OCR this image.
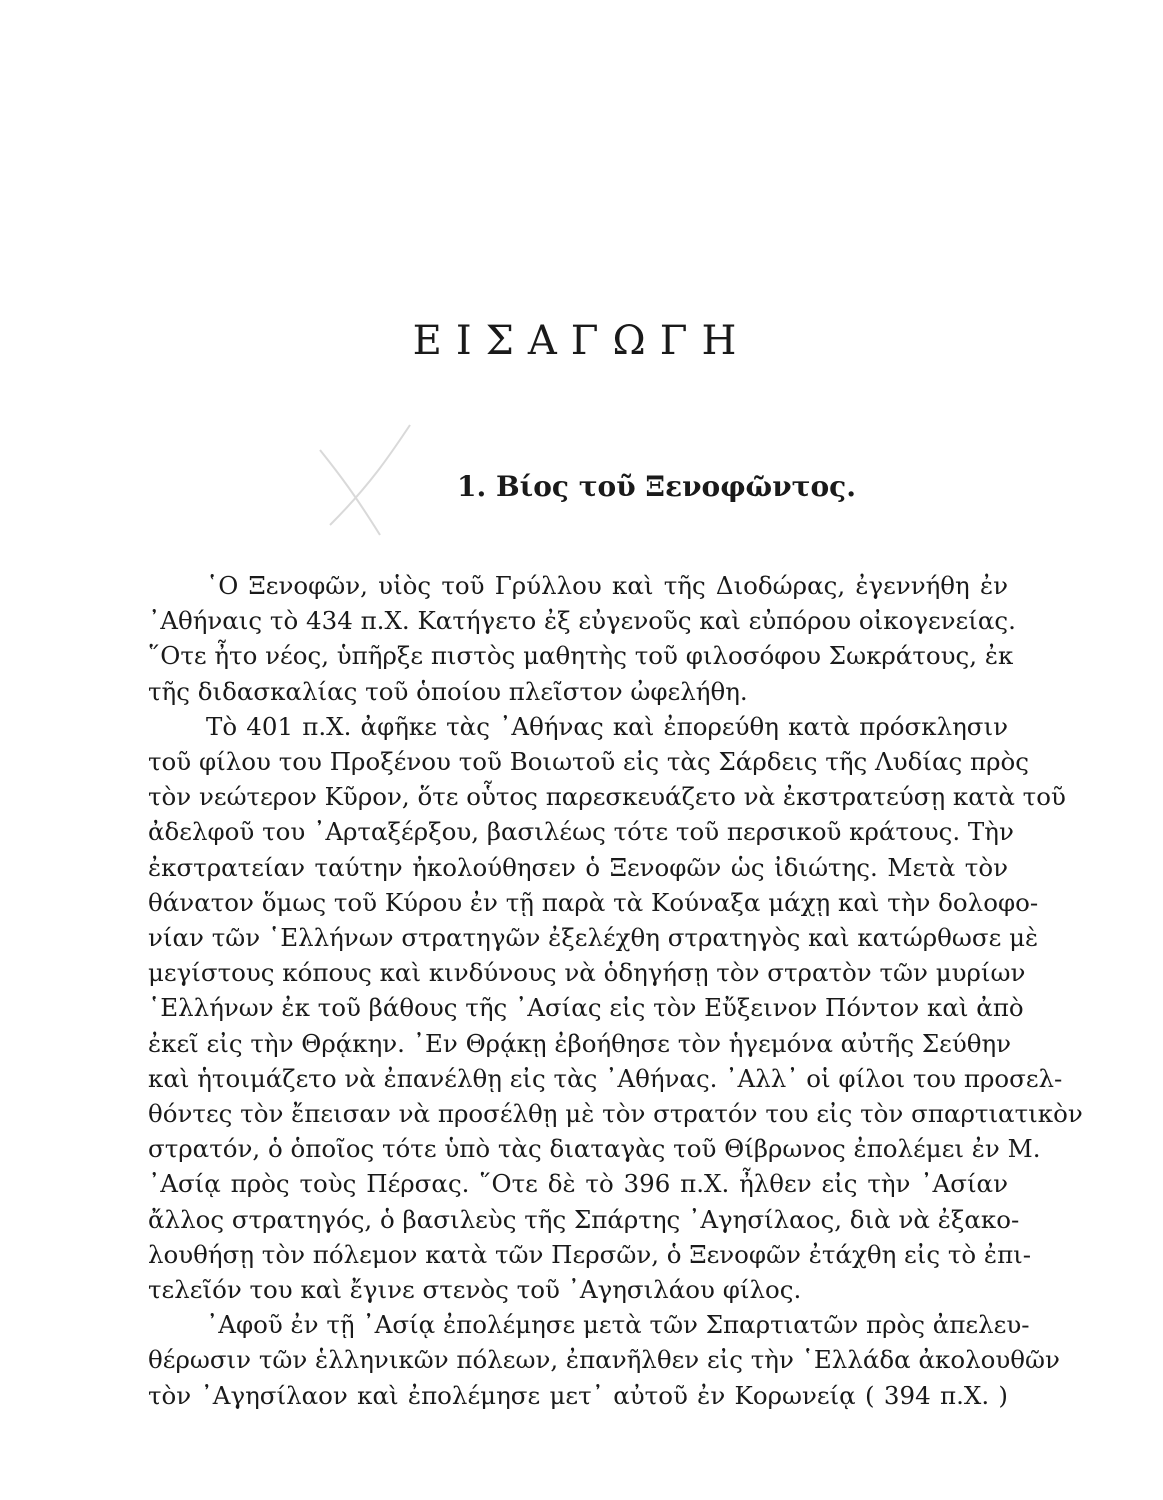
ΕΙΣΑΓΩΓΗ
1. Βίος τοῦ Ξενοφῶντος.
῾Ο Ξενοφῶν, υἱὸς τοῦ Γρύλλου καὶ τῆς Διοδώρας, ἐγεννήθη ἐν
᾿Αθήναις τὸ 434 π.Χ. Κατήγετο ἐξ εὐγενοῦς καὶ εὐπόρου οἰκογενείας.
῞Οτε ἦτο νέος, ὑπῆρξε πιστὸς μαθητὴς τοῦ φιλοσόφου Σωκράτους, ἐκ
τῆς διδασκαλίας τοῦ ὁποίου πλεῖστον ὠφελήθη.
Τὸ 401 π.Χ. ἀφῆκε τὰς ᾿Αθήνας καὶ ἐπορεύθη κατὰ πρόσκλησιν
τοῦ φίλου του Προξένου τοῦ Βοιωτοῦ εἰς τὰς Σάρδεις τῆς Λυδίας πρὸς
τὸν νεώτερον Κῦρον, ὅτε οὗτος παρεσκευάζετο νὰ ἐκστρατεύσῃ κατὰ τοῦ
ἀδελφοῦ του ᾿Αρταξέρξου, βασιλέως τότε τοῦ περσικοῦ κράτους. Τὴν
ἐκστρατείαν ταύτην ἠκολούθησεν ὁ Ξενοφῶν ὡς ἰδιώτης. Μετὰ τὸν
θάνατον ὅμως τοῦ Κύρου ἐν τῇ παρὰ τὰ Κούναξα μάχῃ καὶ τὴν δολοφο-
νίαν τῶν ῾Ελλήνων στρατηγῶν ἐξελέχθη στρατηγὸς καὶ κατώρθωσε μὲ
μεγίστους κόπους καὶ κινδύνους νὰ ὁδηγήσῃ τὸν στρατὸν τῶν μυρίων
῾Ελλήνων ἐκ τοῦ βάθους τῆς ᾿Ασίας εἰς τὸν Εὔξεινον Πόντον καὶ ἀπὸ
ἐκεῖ εἰς τὴν Θρᾴκην. ᾿Εν Θρᾴκῃ ἐβοήθησε τὸν ἡγεμόνα αὐτῆς Σεύθην
καὶ ἡτοιμάζετο νὰ ἐπανέλθῃ εἰς τὰς ᾿Αθήνας. ᾿Αλλ᾿ οἱ φίλοι του προσελ-
θόντες τὸν ἔπεισαν νὰ προσέλθῃ μὲ τὸν στρατόν του εἰς τὸν σπαρτιατικὸν
στρατόν, ὁ ὁποῖος τότε ὑπὸ τὰς διαταγὰς τοῦ Θίβρωνος ἐπολέμει ἐν Μ.
᾿Ασίᾳ πρὸς τοὺς Πέρσας. ῞Οτε δὲ τὸ 396 π.Χ. ἦλθεν εἰς τὴν ᾿Ασίαν
ἄλλος στρατηγός, ὁ βασιλεὺς τῆς Σπάρτης ᾿Αγησίλαος, διὰ νὰ ἐξακο-
λουθήσῃ τὸν πόλεμον κατὰ τῶν Περσῶν, ὁ Ξενοφῶν ἐτάχθη εἰς τὸ ἐπι-
τελεῖόν του καὶ ἔγινε στενὸς τοῦ ᾿Αγησιλάου φίλος.
᾿Αφοῦ ἐν τῇ ᾿Ασίᾳ ἐπολέμησε μετὰ τῶν Σπαρτιατῶν πρὸς ἀπελευ-
θέρωσιν τῶν ἑλληνικῶν πόλεων, ἐπανῆλθεν εἰς τὴν ῾Ελλάδα ἀκολουθῶν
τὸν ᾿Αγησίλαον καὶ ἐπολέμησε μετ᾿ αὐτοῦ ἐν Κορωνείᾳ ( 394 π.Χ. )
